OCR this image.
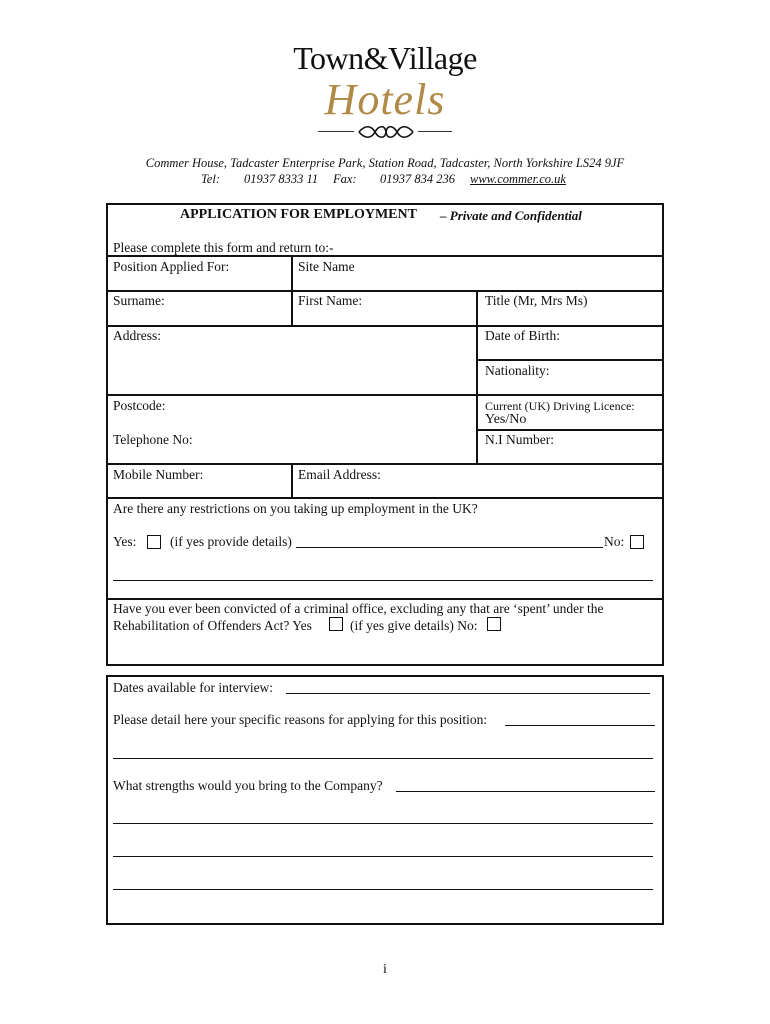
Town&Village
Hotels
Commer House, Tadcaster Enterprise Park, Station Road, Tadcaster, North Yorkshire LS24 9JF
Tel: 01937 8333 11 Fax: 01937 834 236 www.commer.co.uk
APPLICATION FOR EMPLOYMENT – Private and Confidential
Please complete this form and return to:-
Position Applied For:	Site Name
Surname:	First Name:	Title (Mr, Mrs Ms)
Address:	Date of Birth:
Nationality:
Postcode:	Current (UK) Driving Licence:
Yes/No
Telephone No:	N.I Number:
Mobile Number:	Email Address:
Are there any restrictions on you taking up employment in the UK?
Yes: (if yes provide details)	No:
Have you ever been convicted of a criminal office, excluding any that are ‘spent’ under the
Rehabilitation of Offenders Act? Yes	(if yes give details) No:
Dates available for interview:
Please detail here your specific reasons for applying for this position:
What strengths would you bring to the Company?
i
